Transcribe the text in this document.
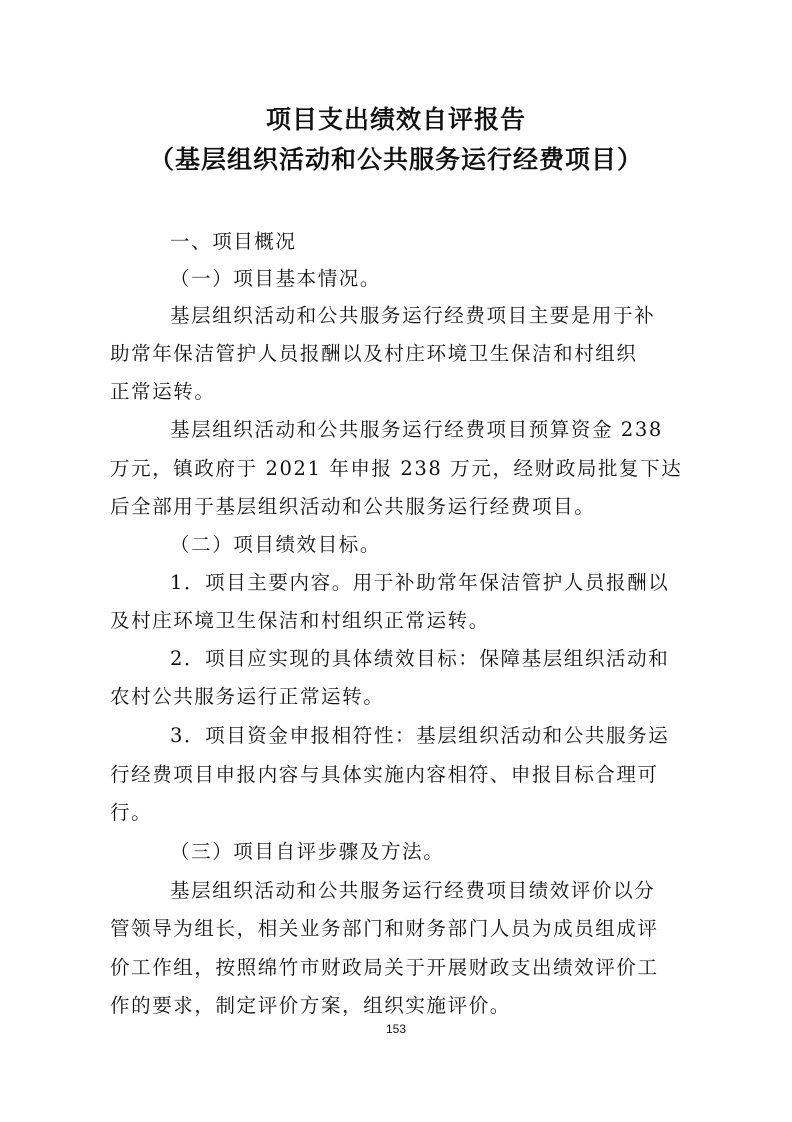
项目支出绩效自评报告
（基层组织活动和公共服务运行经费项目）

一、项目概况

（一）项目基本情况。

基层组织活动和公共服务运行经费项目主要是用于补

助常年保洁管护人员报酬以及村庄环境卫生保洁和村组织

正常运转。

基层组织活动和公共服务运行经费项目预算资金 238

万元，镇政府于 2021 年申报 238 万元，经财政局批复下达

后全部用于基层组织活动和公共服务运行经费项目。

（二）项目绩效目标。

1．项目主要内容。用于补助常年保洁管护人员报酬以

及村庄环境卫生保洁和村组织正常运转。

2．项目应实现的具体绩效目标：保障基层组织活动和

农村公共服务运行正常运转。

3．项目资金申报相符性：基层组织活动和公共服务运

行经费项目申报内容与具体实施内容相符、申报目标合理可

行。

（三）项目自评步骤及方法。

基层组织活动和公共服务运行经费项目绩效评价以分

管领导为组长，相关业务部门和财务部门人员为成员组成评

价工作组，按照绵竹市财政局关于开展财政支出绩效评价工

作的要求，制定评价方案，组织实施评价。

153
